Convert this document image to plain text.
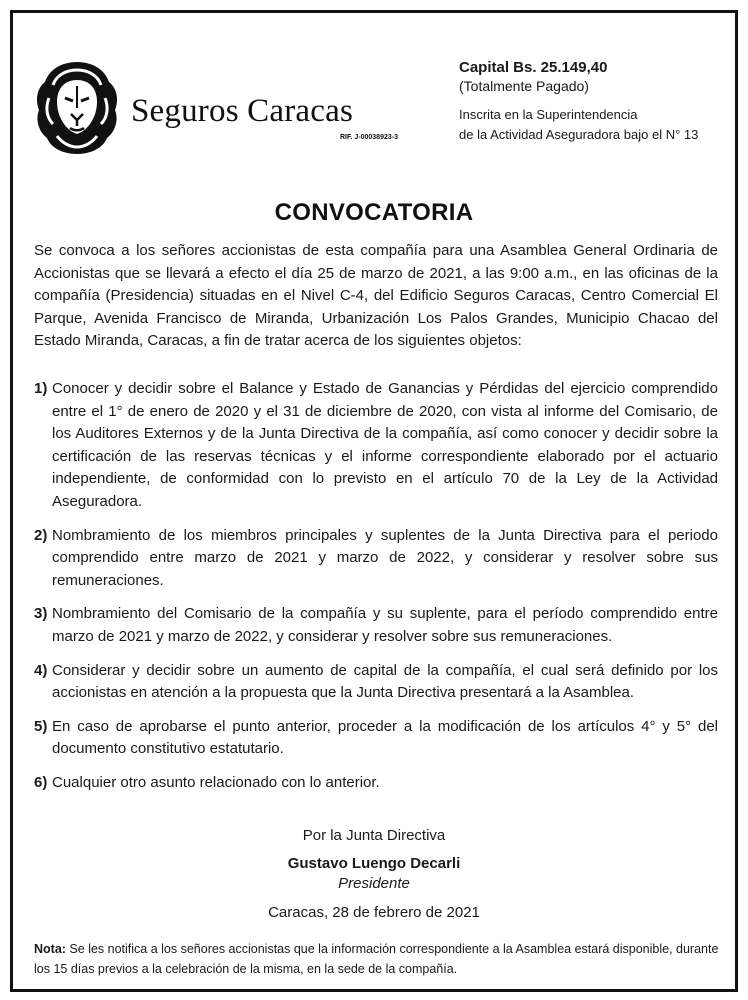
Seguros Caracas
RIF. J-00038923-3
Capital Bs. 25.149,40
(Totalmente Pagado)
Inscrita en la Superintendencia
de la Actividad Aseguradora bajo el N° 13
CONVOCATORIA

Se convoca a los señores accionistas de esta compañía para una Asamblea General Ordinaria de Accionistas que se llevará a efecto el día 25 de marzo de 2021, a las 9:00 a.m., en las oficinas de la compañía (Presidencia) situadas en el Nivel C-4, del Edificio Seguros Caracas, Centro Comercial El Parque, Avenida Francisco de Miranda, Urbanización Los Palos Grandes, Municipio Chacao del Estado Miranda, Caracas, a fin de tratar acerca de los siguientes objetos:

1) Conocer y decidir sobre el Balance y Estado de Ganancias y Pérdidas del ejercicio comprendido entre el 1° de enero de 2020 y el 31 de diciembre de 2020, con vista al informe del Comisario, de los Auditores Externos y de la Junta Directiva de la compañía, así como conocer y decidir sobre la certificación de las reservas técnicas y el informe correspondiente elaborado por el actuario independiente, de conformidad con lo previsto en el artículo 70 de la Ley de la Actividad Aseguradora.
2) Nombramiento de los miembros principales y suplentes de la Junta Directiva para el periodo comprendido entre marzo de 2021 y marzo de 2022, y considerar y resolver sobre sus remuneraciones.
3) Nombramiento del Comisario de la compañía y su suplente, para el período comprendido entre marzo de 2021 y marzo de 2022, y considerar y resolver sobre sus remuneraciones.
4) Considerar y decidir sobre un aumento de capital de la compañía, el cual será definido por los accionistas en atención a la propuesta que la Junta Directiva presentará a la Asamblea.
5) En caso de aprobarse el punto anterior, proceder a la modificación de los artículos 4° y 5° del documento constitutivo estatutario.
6) Cualquier otro asunto relacionado con lo anterior.
Por la Junta Directiva
Gustavo Luengo Decarli
Presidente
Caracas, 28 de febrero de 2021

Nota: Se les notifica a los señores accionistas que la información correspondiente a la Asamblea estará disponible, durante los 15 días previos a la celebración de la misma, en la sede de la compañía.
